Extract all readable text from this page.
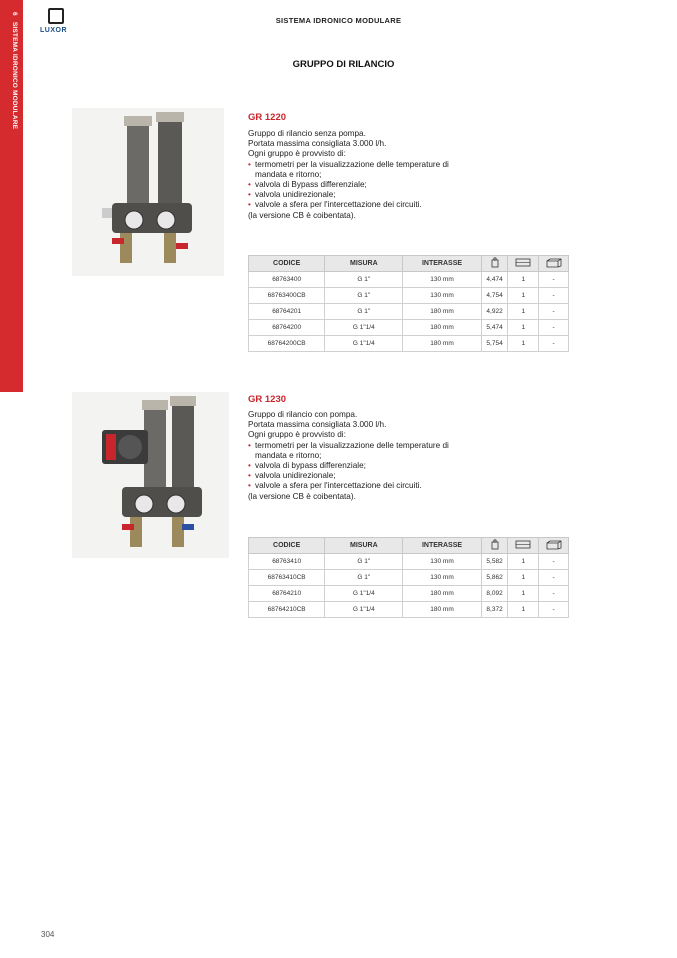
6   SISTEMA IDRONICO MODULARE	LUXOR
SISTEMA IDRONICO MODULARE
GRUPPO DI RILANCIO
GR 1220

Gruppo di rilancio senza pompa.

Portata massima consigliata 3.000 l/h.

Ogni gruppo è provvisto di:

• termometri per la visualizzazione delle temperature di mandata e ritorno;
• valvola di Bypass differenziale;
• valvola unidirezionale;
• valvole a sfera per l'intercettazione dei circuiti.

(la versione CB è coibentata).

CODICE	MISURA	INTERASSE			
68763400	G 1"	130 mm	4,474	1	-
68763400CB	G 1"	130 mm	4,754	1	-
68764201	G 1"	180 mm	4,922	1	-
68764200	G 1"1/4	180 mm	5,474	1	-
68764200CB	G 1"1/4	180 mm	5,754	1	-
GR 1230

Gruppo di rilancio con pompa.

Portata massima consigliata 3.000 l/h.

Ogni gruppo è provvisto di:

• termometri per la visualizzazione delle temperature di mandata e ritorno;
• valvola di bypass differenziale;
• valvola unidirezionale;
• valvole a sfera per l'intercettazione dei circuiti.

(la versione CB è coibentata).

CODICE	MISURA	INTERASSE			
68763410	G 1"	130 mm	5,582	1	-
68763410CB	G 1"	130 mm	5,862	1	-
68764210	G 1"1/4	180 mm	8,092	1	-
68764210CB	G 1"1/4	180 mm	8,372	1	-
304
